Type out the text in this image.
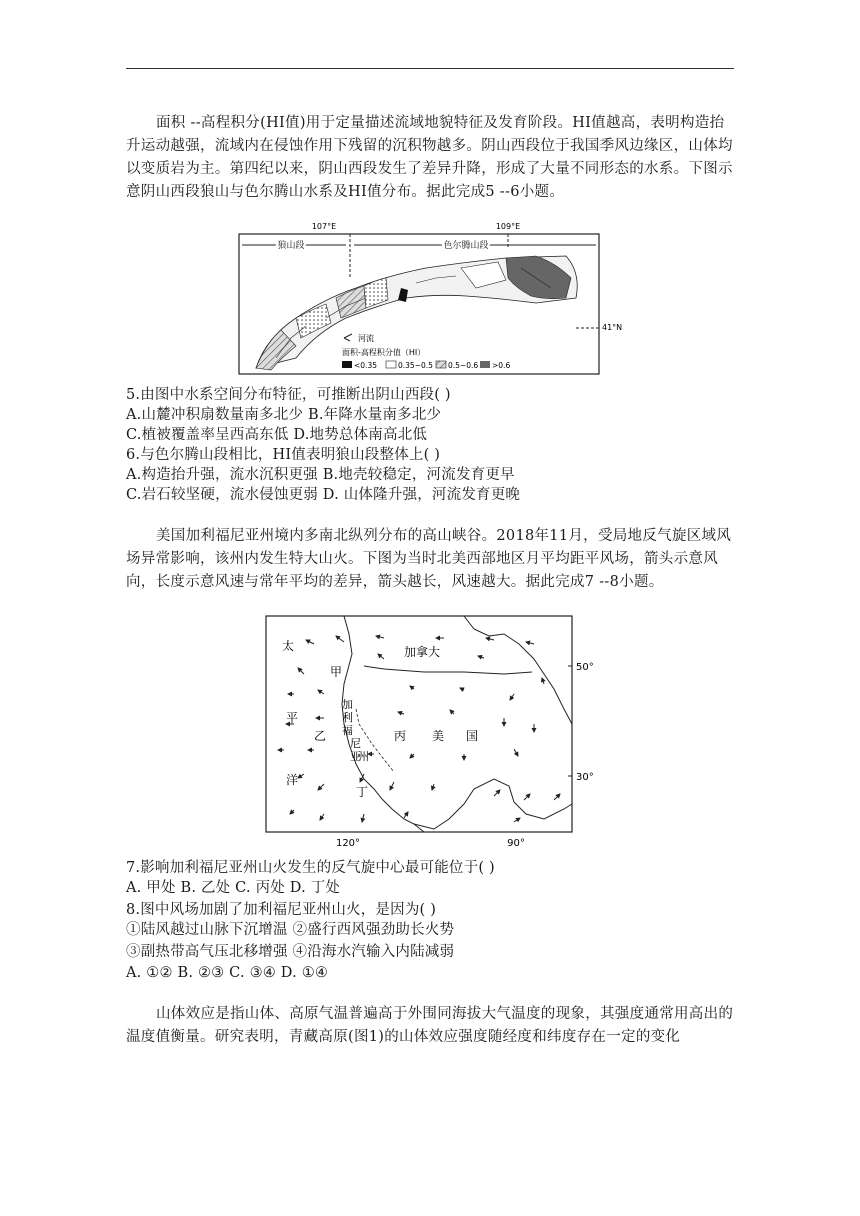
面积 --高程积分(HI值)用于定量描述流域地貌特征及发育阶段。HI值越高，表明构造抬升运动越强，流域内在侵蚀作用下残留的沉积物越多。阴山西段位于我国季风边缘区，山体均以变质岩为主。第四纪以来，阴山西段发生了差异升降，形成了大量不同形态的水系。下图示意阴山西段狼山与色尔腾山水系及HI值分布。据此完成5 --6小题。

107°E	109°E
狼山段	色尔腾山段
41°N
河流
面积-高程积分值（HI）
<0.35	0.35~0.5 0.5~0.6 >0.6
5.由图中水系空间分布特征，可推断出阴山西段( )
A.山麓冲积扇数量南多北少 B.年降水量南多北少
C.植被覆盖率呈西高东低 D.地势总体南高北低
6.与色尔腾山段相比，HI值表明狼山段整体上( )
A.构造抬升强，流水沉积更强 B.地壳较稳定，河流发育更早
C.岩石较坚硬，流水侵蚀更弱 D. 山体隆升强，河流发育更晚

美国加利福尼亚州境内多南北纵列分布的高山峡谷。2018年11月，受局地反气旋区域风场异常影响，该州内发生特大山火。下图为当时北美西部地区月平均距平风场，箭头示意风向，长度示意风速与常年平均的差异，箭头越长，风速越大。据此完成7 --8小题。

50°
30°
120°	90°
太
平
洋
加拿大
甲
乙	丙
丁
美国
加
利
福
尼
亚
州
7.影响加利福尼亚州山火发生的反气旋中心最可能位于( )
A. 甲处 B. 乙处 C. 丙处 D. 丁处
8.图中风场加剧了加利福尼亚州山火，是因为( )
①陆风越过山脉下沉增温 ②盛行西风强劲助长火势
③副热带高气压北移增强 ④沿海水汽输入内陆减弱
A. ①② B. ②③ C. ③④ D. ①④

山体效应是指山体、高原气温普遍高于外围同海拔大气温度的现象，其强度通常用高出的温度值衡量。研究表明，青藏高原(图1)的山体效应强度随经度和纬度存在一定的变化
